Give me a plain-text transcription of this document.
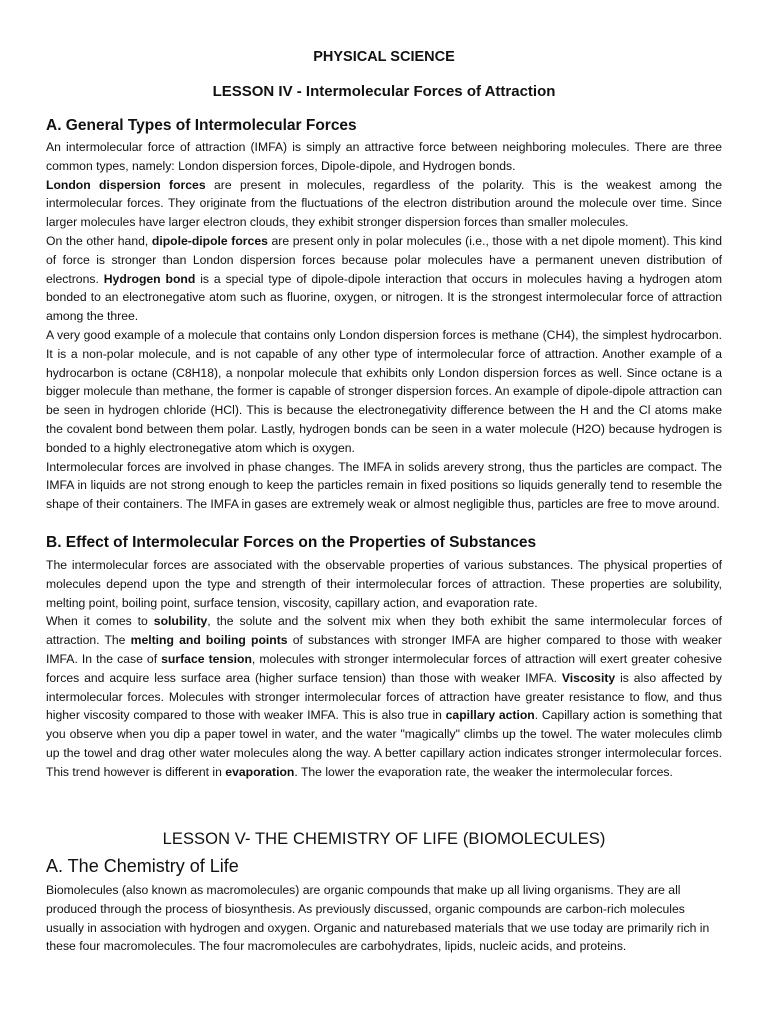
PHYSICAL SCIENCE
LESSON IV - Intermolecular Forces of Attraction
A. General Types of Intermolecular Forces

An intermolecular force of attraction (IMFA) is simply an attractive force between neighboring molecules. There are three common types, namely: London dispersion forces, Dipole-dipole, and Hydrogen bonds.

London dispersion forces are present in molecules, regardless of the polarity. This is the weakest among the intermolecular forces. They originate from the fluctuations of the electron distribution around the molecule over time. Since larger molecules have larger electron clouds, they exhibit stronger dispersion forces than smaller molecules.

On the other hand, dipole-dipole forces are present only in polar molecules (i.e., those with a net dipole moment). This kind of force is stronger than London dispersion forces because polar molecules have a permanent uneven distribution of electrons. Hydrogen bond is a special type of dipole-dipole interaction that occurs in molecules having a hydrogen atom bonded to an electronegative atom such as fluorine, oxygen, or nitrogen. It is the strongest intermolecular force of attraction among the three.

A very good example of a molecule that contains only London dispersion forces is methane (CH4), the simplest hydrocarbon. It is a non-polar molecule, and is not capable of any other type of intermolecular force of attraction. Another example of a hydrocarbon is octane (C8H18), a nonpolar molecule that exhibits only London dispersion forces as well. Since octane is a bigger molecule than methane, the former is capable of stronger dispersion forces. An example of dipole-dipole attraction can be seen in hydrogen chloride (HCl). This is because the electronegativity difference between the H and the Cl atoms make the covalent bond between them polar. Lastly, hydrogen bonds can be seen in a water molecule (H2O) because hydrogen is bonded to a highly electronegative atom which is oxygen.

Intermolecular forces are involved in phase changes. The IMFA in solids arevery strong, thus the particles are compact. The IMFA in liquids are not strong enough to keep the particles remain in fixed positions so liquids generally tend to resemble the shape of their containers. The IMFA in gases are extremely weak or almost negligible thus, particles are free to move around.

B. Effect of Intermolecular Forces on the Properties of Substances

The intermolecular forces are associated with the observable properties of various substances. The physical properties of molecules depend upon the type and strength of their intermolecular forces of attraction. These properties are solubility, melting point, boiling point, surface tension, viscosity, capillary action, and evaporation rate.

When it comes to solubility, the solute and the solvent mix when they both exhibit the same intermolecular forces of attraction. The melting and boiling points of substances with stronger IMFA are higher compared to those with weaker IMFA. In the case of surface tension, molecules with stronger intermolecular forces of attraction will exert greater cohesive forces and acquire less surface area (higher surface tension) than those with weaker IMFA. Viscosity is also affected by intermolecular forces. Molecules with stronger intermolecular forces of attraction have greater resistance to flow, and thus higher viscosity compared to those with weaker IMFA. This is also true in capillary action. Capillary action is something that you observe when you dip a paper towel in water, and the water "magically" climbs up the towel. The water molecules climb up the towel and drag other water molecules along the way. A better capillary action indicates stronger intermolecular forces. This trend however is different in evaporation. The lower the evaporation rate, the weaker the intermolecular forces.

LESSON V- THE CHEMISTRY OF LIFE (BIOMOLECULES)
A. The Chemistry of Life

Biomolecules (also known as macromolecules) are organic compounds that make up all living organisms. They are all produced through the process of biosynthesis. As previously discussed, organic compounds are carbon-rich molecules usually in association with hydrogen and oxygen. Organic and naturebased materials that we use today are primarily rich in these four macromolecules. The four macromolecules are carbohydrates, lipids, nucleic acids, and proteins.
